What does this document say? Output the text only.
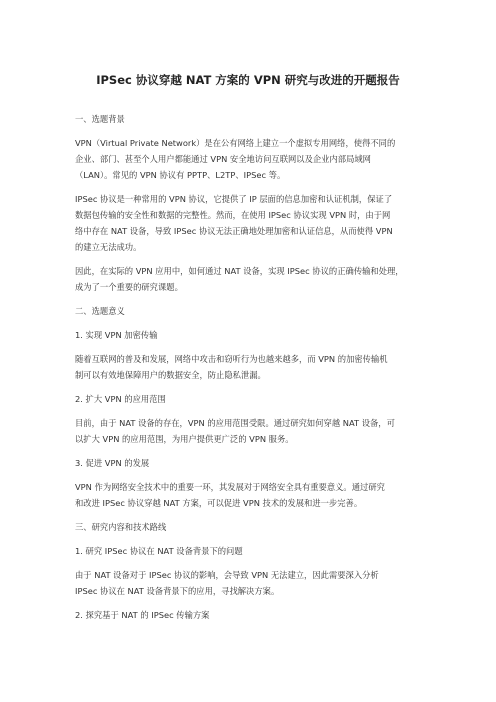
IPSec 协议穿越 NAT 方案的 VPN 研究与改进的开题报告
一、选题背景
VPN（Virtual Private Network）是在公有网络上建立一个虚拟专用网络，使得不同的
企业、部门、甚至个人用户都能通过 VPN 安全地访问互联网以及企业内部局域网
（LAN）。常见的 VPN 协议有 PPTP、L2TP、IPSec 等。
IPSec 协议是一种常用的 VPN 协议，它提供了 IP 层面的信息加密和认证机制，保证了
数据包传输的安全性和数据的完整性。然而，在使用 IPSec 协议实现 VPN 时，由于网
络中存在 NAT 设备，导致 IPSec 协议无法正确地处理加密和认证信息，从而使得 VPN
的建立无法成功。
因此，在实际的 VPN 应用中，如何通过 NAT 设备，实现 IPSec 协议的正确传输和处理，
成为了一个重要的研究课题。
二、选题意义
1. 实现 VPN 加密传输
随着互联网的普及和发展，网络中攻击和窃听行为也越来越多，而 VPN 的加密传输机
制可以有效地保障用户的数据安全，防止隐私泄漏。
2. 扩大 VPN 的应用范围
目前，由于 NAT 设备的存在，VPN 的应用范围受限。通过研究如何穿越 NAT 设备，可
以扩大 VPN 的应用范围，为用户提供更广泛的 VPN 服务。
3. 促进 VPN 的发展
VPN 作为网络安全技术中的重要一环，其发展对于网络安全具有重要意义。通过研究
和改进 IPSec 协议穿越 NAT 方案，可以促进 VPN 技术的发展和进一步完善。
三、研究内容和技术路线
1. 研究 IPSec 协议在 NAT 设备背景下的问题
由于 NAT 设备对于 IPSec 协议的影响，会导致 VPN 无法建立，因此需要深入分析
IPSec 协议在 NAT 设备背景下的应用，寻找解决方案。
2. 探究基于 NAT 的 IPSec 传输方案
